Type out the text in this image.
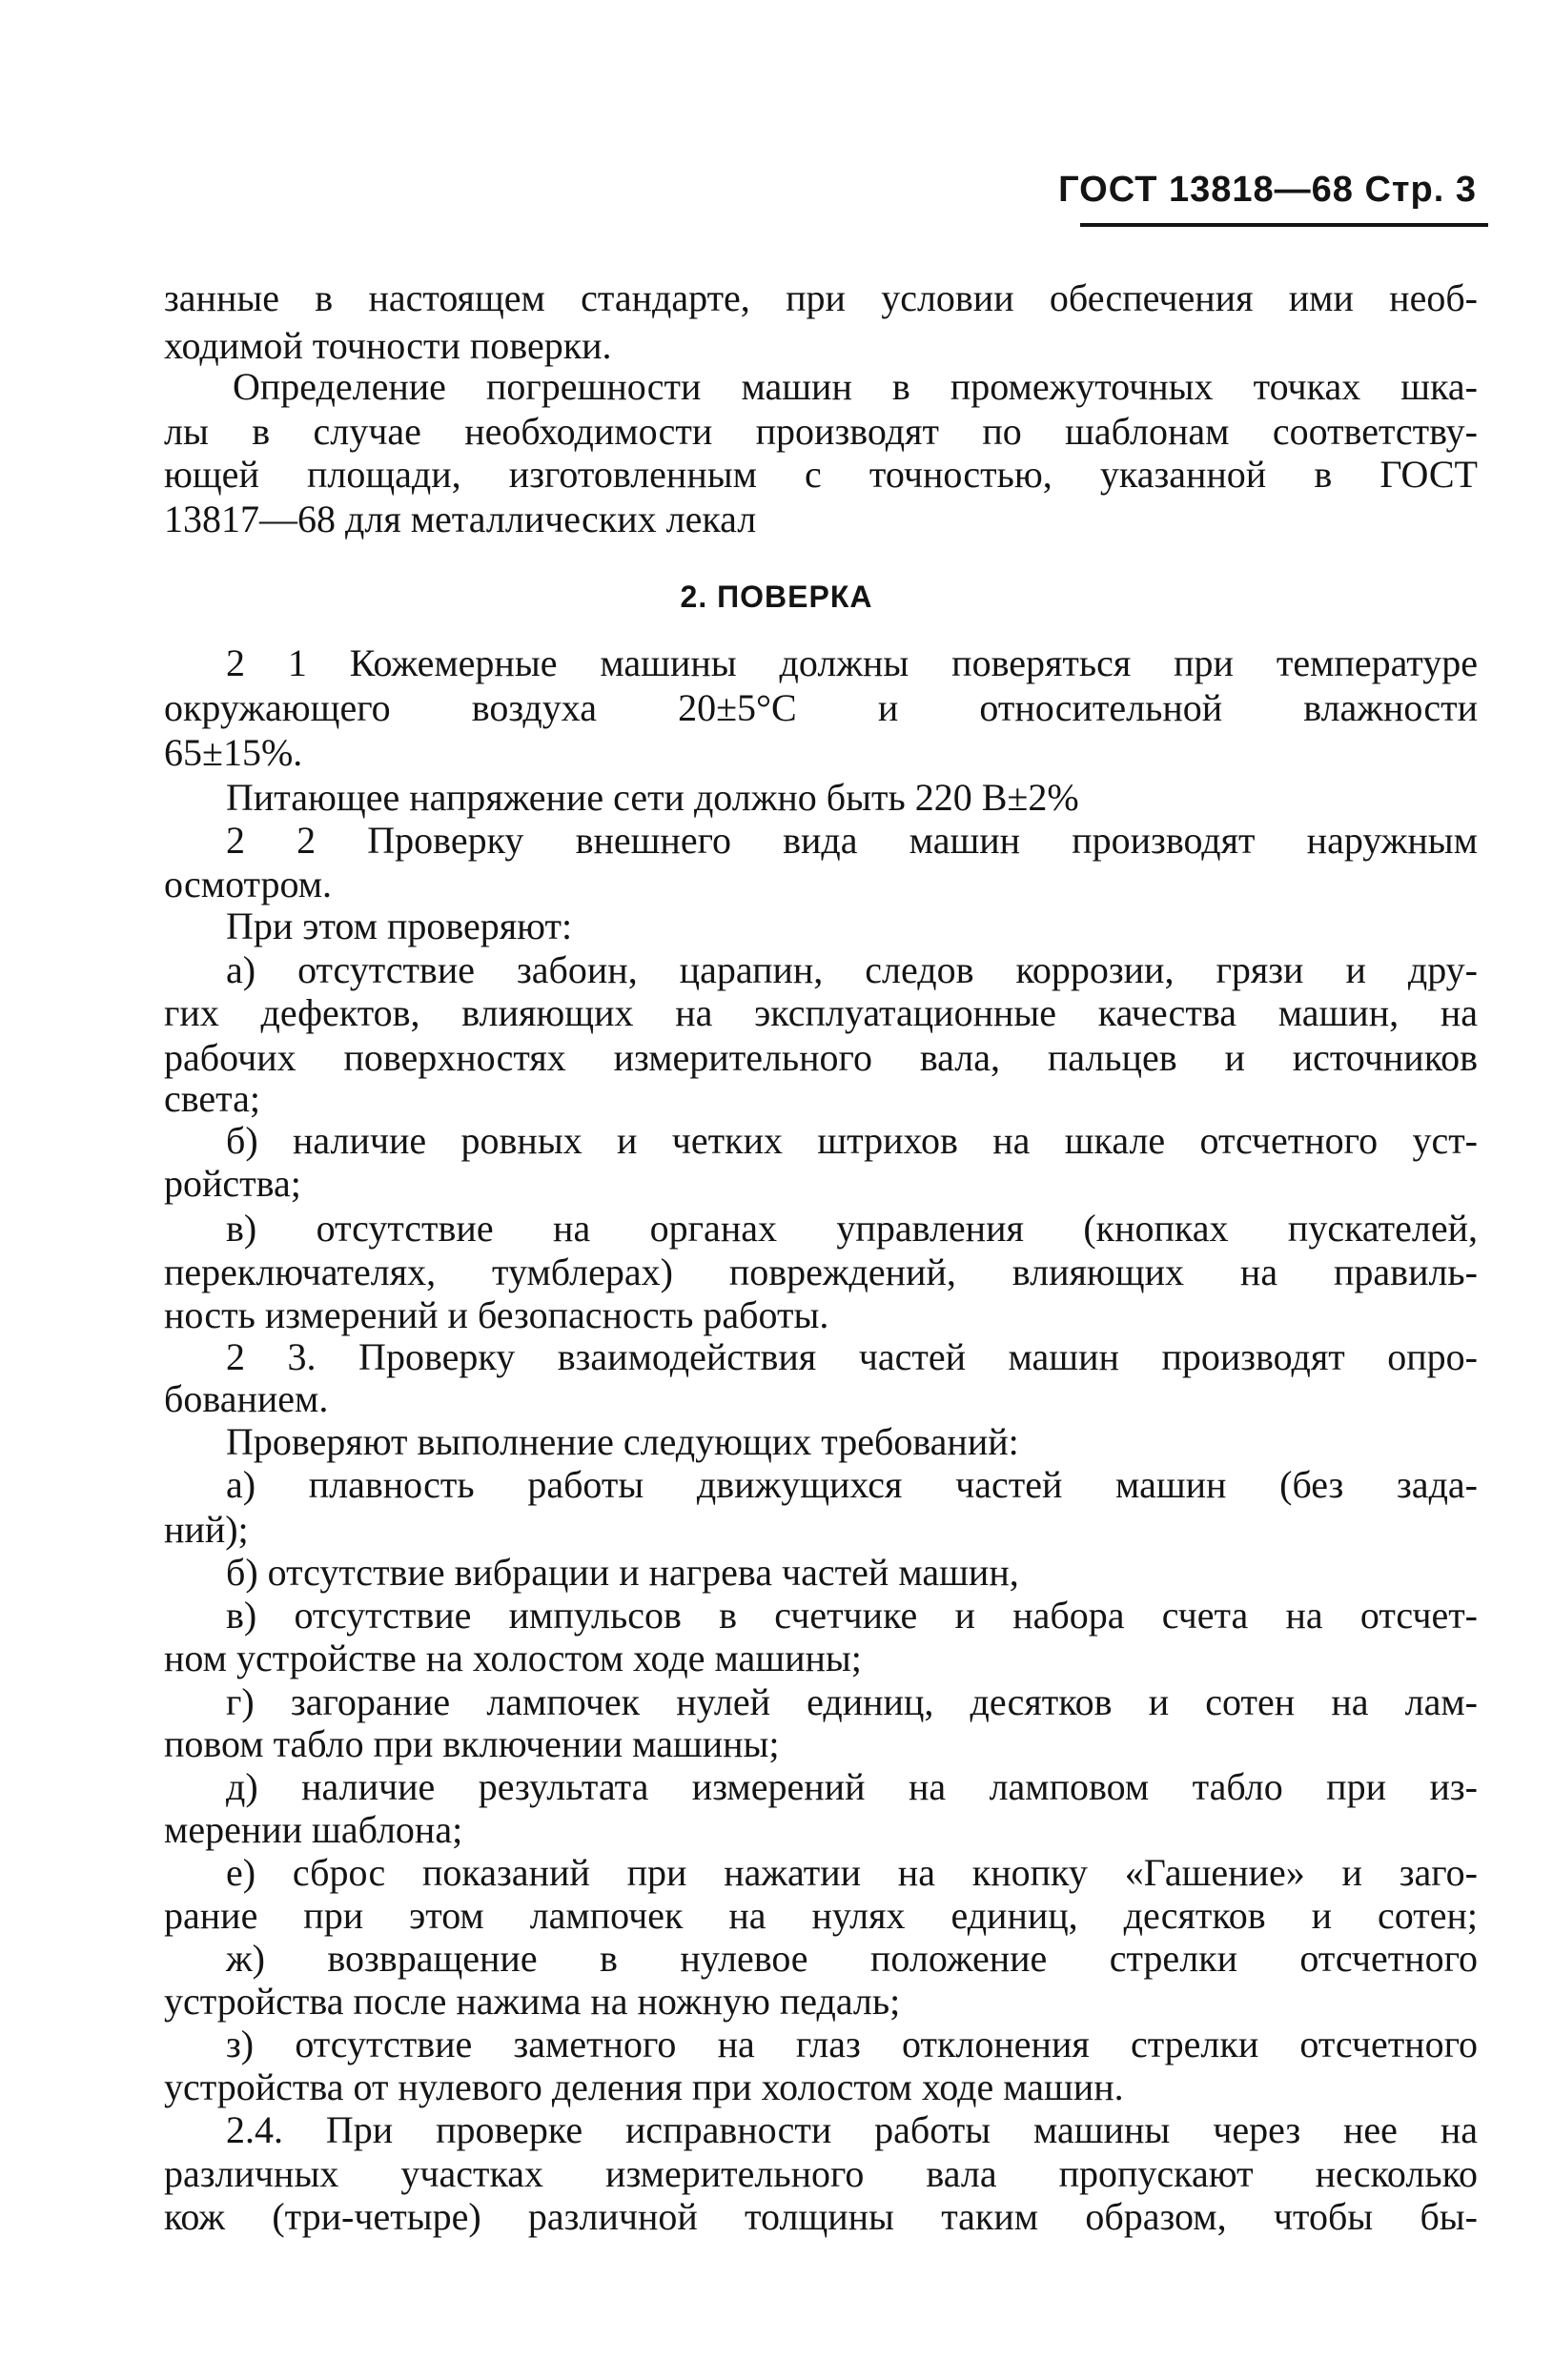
ГОСТ 13818—68 Стр. 3
занные в настоящем стандарте, при условии обеспечения ими необ-
ходимой точности поверки.
Определение погрешности машин в промежуточных точках шка-
лы в случае необходимости производят по шаблонам соответству-
ющей площади, изготовленным с точностью, указанной в ГОСТ
13817—68 для металлических лекал
2. ПОВЕРКА
2 1 Кожемерные машины должны поверяться при температуре
окружающего воздуха 20±5°С и относительной влажности
65±15%.
Питающее напряжение сети должно быть 220 В±2%
2 2 Проверку внешнего вида машин производят наружным
осмотром.
При этом проверяют:
а) отсутствие забоин, царапин, следов коррозии, грязи и дру-
гих дефектов, влияющих на эксплуатационные качества машин, на
рабочих поверхностях измерительного вала, пальцев и источников
света;
б) наличие ровных и четких штрихов на шкале отсчетного уст-
ройства;
в) отсутствие на органах управления (кнопках пускателей,
переключателях, тумблерах) повреждений, влияющих на правиль-
ность измерений и безопасность работы.
2 3. Проверку взаимодействия частей машин производят опро-
бованием.
Проверяют выполнение следующих требований:
а) плавность работы движущихся частей машин (без задa-
ний);
б) отсутствие вибрации и нагрева частей машин,
в) отсутствие импульсов в счетчике и набора счета на отсчет-
ном устройстве на холостом ходе машины;
г) загорание лампочек нулей единиц, десятков и сотен на лам-
повом табло при включении машины;
д) наличие результата измерений на ламповом табло при из-
мерении шаблона;
е) сброс показаний при нажатии на кнопку «Гашение» и заго-
рание при этом лампочек на нулях единиц, десятков и сотен;
ж) возвращение в нулевое положение стрелки отсчетного
устройства после нажима на ножную педаль;
з) отсутствие заметного на глаз отклонения стрелки отсчетного
устройства от нулевого деления при холостом ходе машин.
2.4. При проверке исправности работы машины через нее на
различных участках измерительного вала пропускают несколько
кож (три-четыре) различной толщины таким образом, чтобы бы-
